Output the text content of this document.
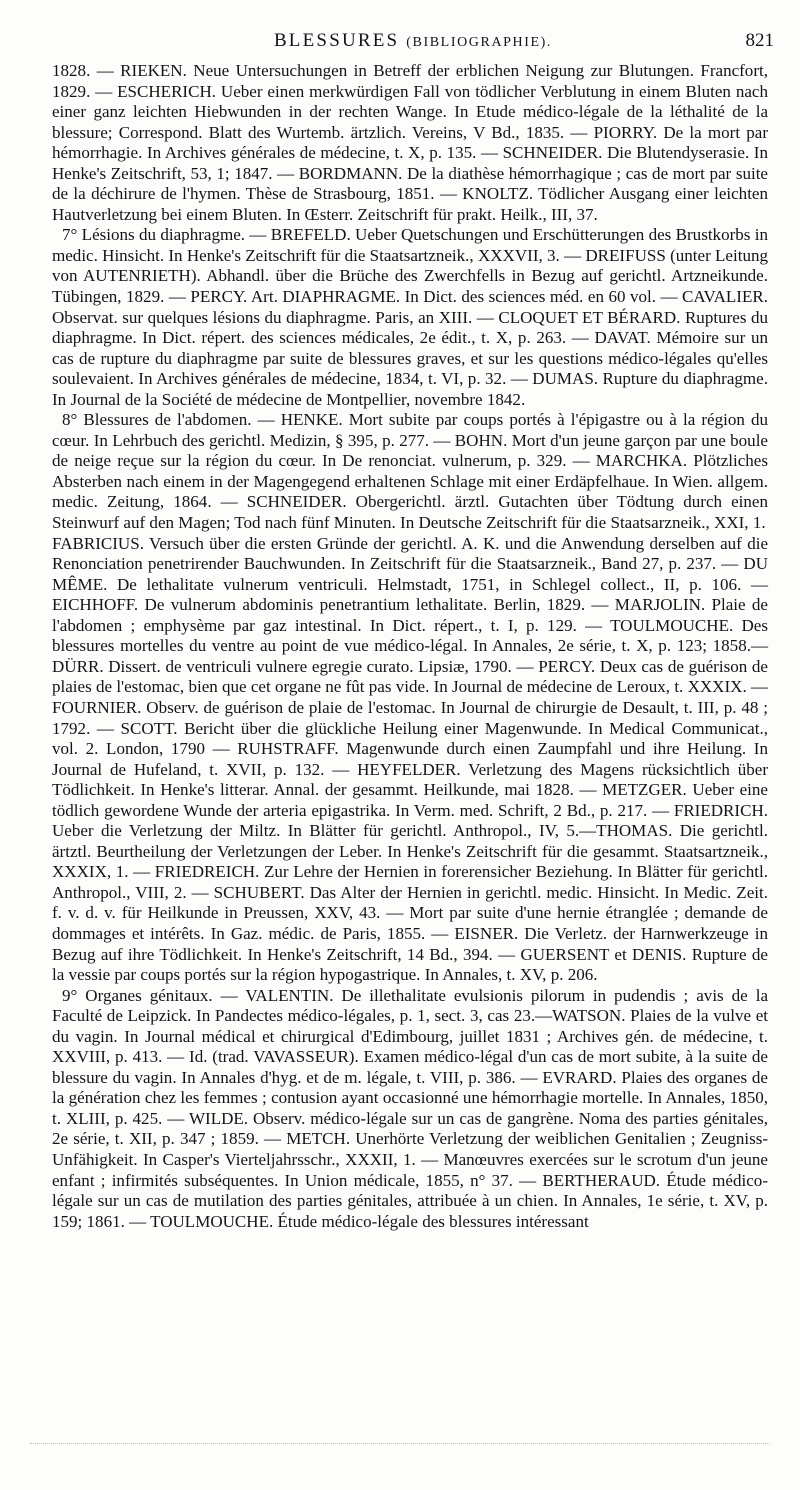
BLESSURES (BIBLIOGRAPHIE).	821

1828. — RIEKEN. Neue Untersuchungen in Betreff der erblichen Neigung zur Blutungen. Francfort, 1829. — ESCHERICH. Ueber einen merkwürdigen Fall von tödlicher Verblutung in einem Bluten nach einer ganz leichten Hiebwunden in der rechten Wange. In Etude médico-légale de la léthalité de la blessure; Correspond. Blatt des Wurtemb. ärtzlich. Vereins, V Bd., 1835. — PIORRY. De la mort par hémorrhagie. In Archives générales de médecine, t. X, p. 135. — SCHNEIDER. Die Blutendyserasie. In Henke's Zeitschrift, 53, 1; 1847. — BORDMANN. De la diathèse hémorrhagique ; cas de mort par suite de la déchirure de l'hymen. Thèse de Strasbourg, 1851. — KNOLTZ. Tödlicher Ausgang einer leichten Hautverletzung bei einem Bluten. In Œsterr. Zeitschrift für prakt. Heilk., III, 37.

7° Lésions du diaphragme. — BREFELD. Ueber Quetschungen und Erschütterungen des Brustkorbs in medic. Hinsicht. In Henke's Zeitschrift für die Staatsartzneik., XXXVII, 3. — DREIFUSS (unter Leitung von AUTENRIETH). Abhandl. über die Brüche des Zwerchfells in Bezug auf gerichtl. Artzneikunde. Tübingen, 1829. — PERCY. Art. DIAPHRAGME. In Dict. des sciences méd. en 60 vol. — CAVALIER. Observat. sur quelques lésions du diaphragme. Paris, an XIII. — CLOQUET ET BÉRARD. Ruptures du diaphragme. In Dict. répert. des sciences médicales, 2e édit., t. X, p. 263. — DAVAT. Mémoire sur un cas de rupture du diaphragme par suite de blessures graves, et sur les questions médico-légales qu'elles soulevaient. In Archives générales de médecine, 1834, t. VI, p. 32. — DUMAS. Rupture du diaphragme. In Journal de la Société de médecine de Montpellier, novembre 1842.

8° Blessures de l'abdomen. — HENKE. Mort subite par coups portés à l'épigastre ou à la région du cœur. In Lehrbuch des gerichtl. Medizin, § 395, p. 277. — BOHN. Mort d'un jeune garçon par une boule de neige reçue sur la région du cœur. In De renonciat. vulnerum, p. 329. — MARCHKA. Plötzliches Absterben nach einem in der Magengegend erhaltenen Schlage mit einer Erdäpfelhaue. In Wien. allgem. medic. Zeitung, 1864. — SCHNEIDER. Obergerichtl. ärztl. Gutachten über Tödtung durch einen Steinwurf auf den Magen; Tod nach fünf Minuten. In Deutsche Zeitschrift für die Staatsarzneik., XXI, 1.

FABRICIUS. Versuch über die ersten Gründe der gerichtl. A. K. und die Anwendung derselben auf die Renonciation penetrirender Bauchwunden. In Zeitschrift für die Staatsarzneik., Band 27, p. 237. — DU MÊME. De lethalitate vulnerum ventriculi. Helmstadt, 1751, in Schlegel collect., II, p. 106. — EICHHOFF. De vulnerum abdominis penetrantium lethalitate. Berlin, 1829. — MARJOLIN. Plaie de l'abdomen ; emphysème par gaz intestinal. In Dict. répert., t. I, p. 129. — TOULMOUCHE. Des blessures mortelles du ventre au point de vue médico-légal. In Annales, 2e série, t. X, p. 123; 1858.— DÜRR. Dissert. de ventriculi vulnere egregie curato. Lipsiæ, 1790. — PERCY. Deux cas de guérison de plaies de l'estomac, bien que cet organe ne fût pas vide. In Journal de médecine de Leroux, t. XXXIX. — FOURNIER. Observ. de guérison de plaie de l'estomac. In Journal de chirurgie de Desault, t. III, p. 48 ; 1792. — SCOTT. Bericht über die glückliche Heilung einer Magenwunde. In Medical Communicat., vol. 2. London, 1790 — RUHSTRAFF. Magenwunde durch einen Zaumpfahl und ihre Heilung. In Journal de Hufeland, t. XVII, p. 132. — HEYFELDER. Verletzung des Magens rücksichtlich über Tödlichkeit. In Henke's litterar. Annal. der gesammt. Heilkunde, mai 1828. — METZGER. Ueber eine tödlich gewordene Wunde der arteria epigastrika. In Verm. med. Schrift, 2 Bd., p. 217. — FRIEDRICH. Ueber die Verletzung der Miltz. In Blätter für gerichtl. Anthropol., IV, 5.—THOMAS. Die gerichtl. ärtztl. Beurtheilung der Verletzungen der Leber. In Henke's Zeitschrift für die gesammt. Staatsartzneik., XXXIX, 1. — FRIEDREICH. Zur Lehre der Hernien in forerensicher Beziehung. In Blätter für gerichtl. Anthropol., VIII, 2. — SCHUBERT. Das Alter der Hernien in gerichtl. medic. Hinsicht. In Medic. Zeit. f. v. d. v. für Heilkunde in Preussen, XXV, 43. — Mort par suite d'une hernie étranglée ; demande de dommages et intérêts. In Gaz. médic. de Paris, 1855. — EISNER. Die Verletz. der Harnwerkzeuge in Bezug auf ihre Tödlichkeit. In Henke's Zeitschrift, 14 Bd., 394. — GUERSENT et DENIS. Rupture de la vessie par coups portés sur la région hypogastrique. In Annales, t. XV, p. 206.

9° Organes génitaux. — VALENTIN. De illethalitate evulsionis pilorum in pudendis ; avis de la Faculté de Leipzick. In Pandectes médico-légales, p. 1, sect. 3, cas 23.—WATSON. Plaies de la vulve et du vagin. In Journal médical et chirurgical d'Edimbourg, juillet 1831 ; Archives gén. de médecine, t. XXVIII, p. 413. — Id. (trad. VAVASSEUR). Examen médico-légal d'un cas de mort subite, à la suite de blessure du vagin. In Annales d'hyg. et de m. légale, t. VIII, p. 386. — EVRARD. Plaies des organes de la génération chez les femmes ; contusion ayant occasionné une hémorrhagie mortelle. In Annales, 1850, t. XLIII, p. 425. — WILDE. Observ. médico-légale sur un cas de gangrène. Noma des parties génitales, 2e série, t. XII, p. 347 ; 1859. — METCH. Unerhörte Verletzung der weiblichen Genitalien ; Zeugniss-Unfähigkeit. In Casper's Vierteljahrsschr., XXXII, 1. — Manœuvres exercées sur le scrotum d'un jeune enfant ; infirmités subséquentes. In Union médicale, 1855, n° 37. — BERTHERAUD. Étude médico-légale sur un cas de mutilation des parties génitales, attribuée à un chien. In Annales, 1e série, t. XV, p. 159; 1861. — TOULMOUCHE. Étude médico-légale des blessures intéressant
